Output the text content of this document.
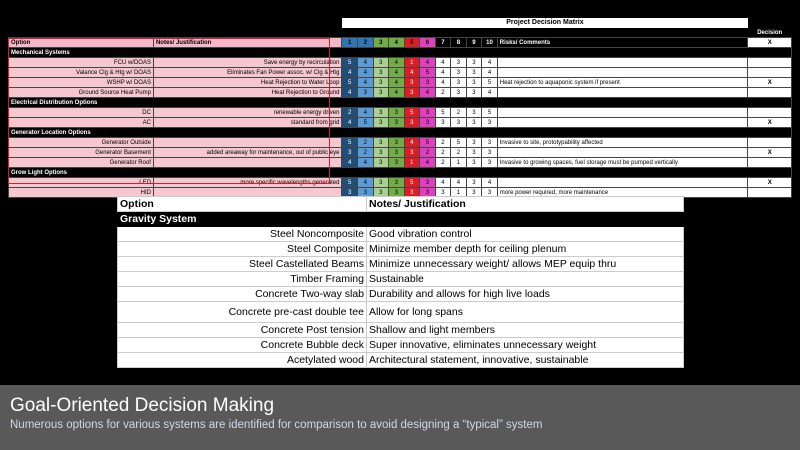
		Project Decision Matrix											
													Decision
Option	Notes/ Justification	1	2	3	4	5	6	7	8	9	10	Risks/ Comments	X
Mechanical Systems													
FCU w/DOAS	Save energy by recirculation	5	4	3	4	1	4	4	3	3	4		
Valance Clg & Htg w/ DOAS	Eliminates Fan Power assoc. w/ Clg & Htg	4	4	3	4	4	5	4	3	3	4		
WSHP w/ DOAS	Heat Rejection to Water Loop	5	4	3	4	3	3	4	3	3	5	Heat rejection to aquaponic system if present	X
Ground Source Heat Pump	Heat Rejection to Ground	4	3	3	4	3	4	2	3	3	4		
Electrical Distribution Options													
DC	renewable energy driven	2	4	3	3	5	3	5	2	3	5		
AC	standard from grid	4	5	3	3	3	3	3	3	3	3		X
Generator Location Options													
Generator Outside		5	2	3	3	4	5	2	5	3	3	Invasive to site, prototypability affected	
Generator Basement	added areaway for maintenance, out of public eye	3	2	3	3	3	2	2	2	3	3		X
Generator Roof		4	4	3	3	1	4	2	1	3	3	Invasive to growing spaces, fuel storage must be pumped vertically	
Grow Light Options													
LED	more specific wavelengths generated	5	4	3	3	5	3	4	4	3	4		X
HID		3	3	3	3	3	3	3	1	3	3	more power required, more maintenance	
Option	Notes/ Justification
Gravity System	
Steel Noncomposite	Good vibration control
Steel Composite	Minimize member depth for ceiling plenum
Steel Castellated Beams	Minimize unnecessary weight/ allows MEP equip thru
Timber Framing	Sustainable
Concrete Two-way slab	Durability and allows for high live loads
Concrete pre-cast double tee	Allow for long spans
Concrete Post tension	Shallow and light members
Concrete Bubble deck	Super innovative, eliminates unnecessary weight
Acetylated wood	Architectural statement, innovative, sustainable
Goal-Oriented Decision Making
Numerous options for various systems are identified for comparison to avoid designing a “typical” system
